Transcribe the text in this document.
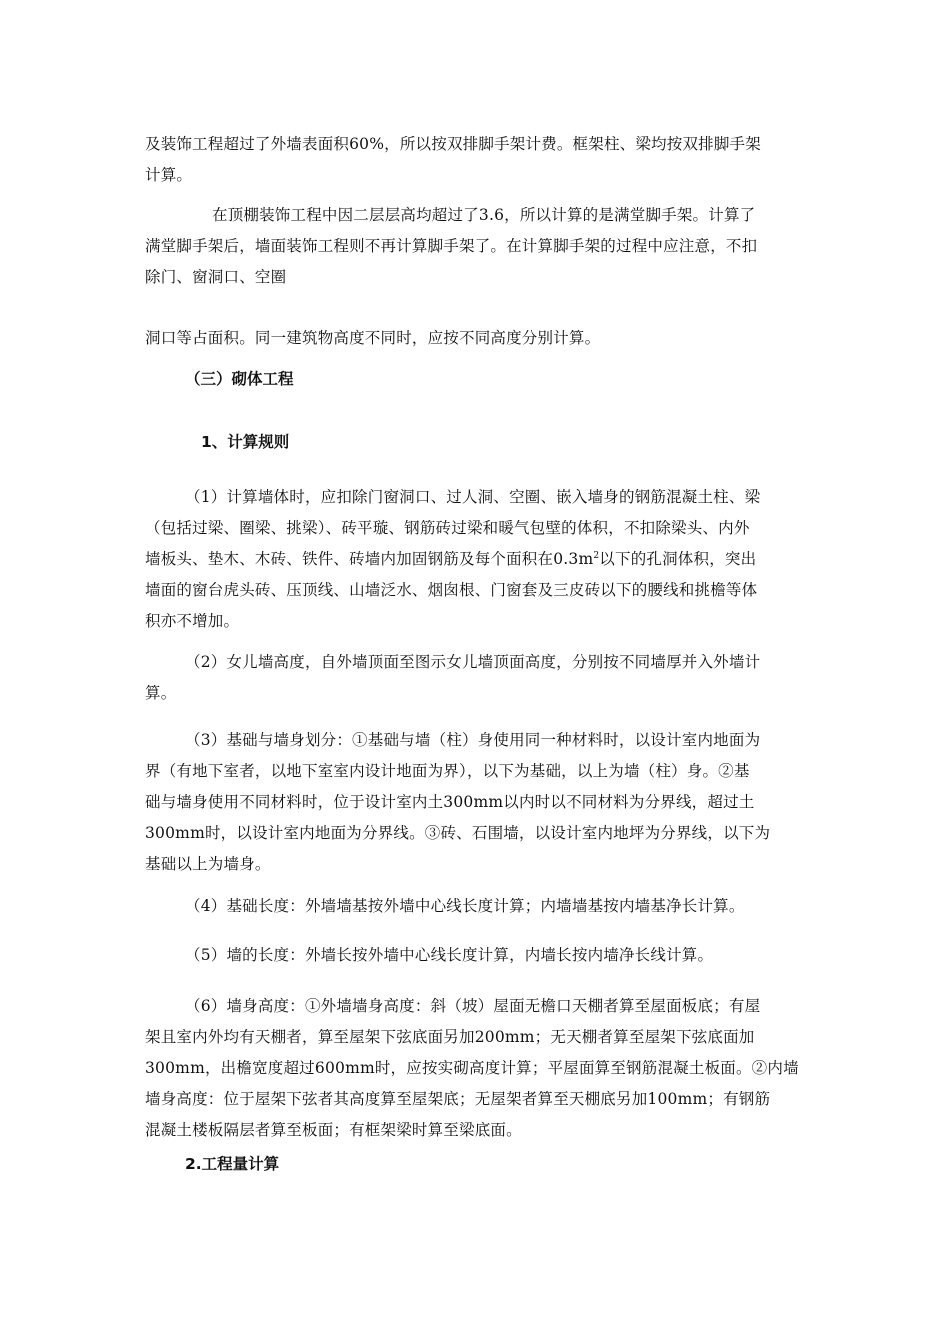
及装饰工程超过了外墙表面积60%，所以按双排脚手架计费。框架柱、梁均按双排脚手架
计算。
在顶棚装饰工程中因二层层高均超过了3.6，所以计算的是满堂脚手架。计算了
满堂脚手架后，墙面装饰工程则不再计算脚手架了。在计算脚手架的过程中应注意，不扣
除门、窗洞口、空圈
洞口等占面积。同一建筑物高度不同时，应按不同高度分别计算。
（三）砌体工程
1、计算规则
（1）计算墙体时，应扣除门窗洞口、过人洞、空圈、嵌入墙身的钢筋混凝土柱、梁
（包括过梁、圈梁、挑梁）、砖平璇、钢筋砖过梁和暖气包壁的体积，不扣除梁头、内外
墙板头、垫木、木砖、铁件、砖墙内加固钢筋及每个面积在$0.3m^2$以下的孔洞体积，突出
墙面的窗台虎头砖、压顶线、山墙泛水、烟囱根、门窗套及三皮砖以下的腰线和挑檐等体
积亦不增加。
（2）女儿墙高度，自外墙顶面至图示女儿墙顶面高度，分别按不同墙厚并入外墙计
算。
（3）基础与墙身划分：①基础与墙（柱）身使用同一种材料时，以设计室内地面为
界（有地下室者，以地下室室内设计地面为界），以下为基础，以上为墙（柱）身。②基
础与墙身使用不同材料时，位于设计室内土300mm以内时以不同材料为分界线，超过土
300mm时，以设计室内地面为分界线。③砖、石围墙，以设计室内地坪为分界线，以下为
基础以上为墙身。
（4）基础长度：外墙墙基按外墙中心线长度计算；内墙墙基按内墙基净长计算。
（5）墙的长度：外墙长按外墙中心线长度计算，内墙长按内墙净长线计算。
（6）墙身高度：①外墙墙身高度：斜（坡）屋面无檐口天棚者算至屋面板底；有屋
架且室内外均有天棚者，算至屋架下弦底面另加200mm；无天棚者算至屋架下弦底面加
300mm，出檐宽度超过600mm时，应按实砌高度计算；平屋面算至钢筋混凝土板面。②内墙
墙身高度：位于屋架下弦者其高度算至屋架底；无屋架者算至天棚底另加100mm；有钢筋
混凝土楼板隔层者算至板面；有框架梁时算至梁底面。
2.工程量计算
